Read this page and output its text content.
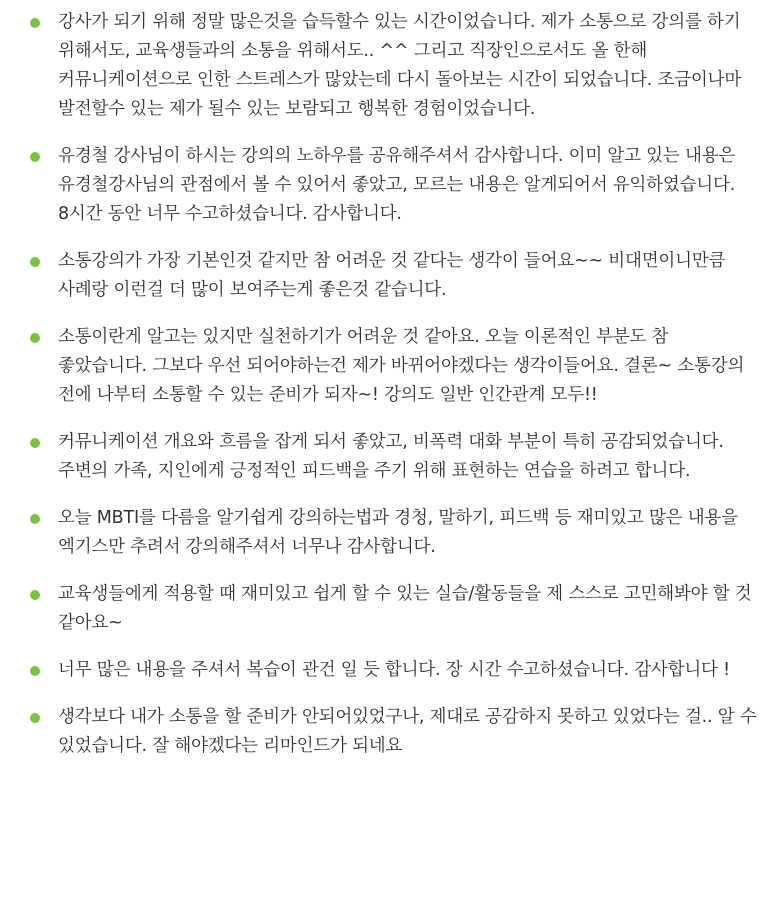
강사가 되기 위해 정말 많은것을 습득할수 있는 시간이었습니다. 제가 소통으로 강의를 하기 위해서도, 교육생들과의 소통을 위해서도.. ^^ 그리고 직장인으로서도 올 한해 커뮤니케이션으로 인한 스트레스가 많았는데 다시 돌아보는 시간이 되었습니다. 조금이나마 발전할수 있는 제가 될수 있는 보람되고 행복한 경험이었습니다.
유경철 강사님이 하시는 강의의 노하우를 공유해주셔서 감사합니다. 이미 알고 있는 내용은 유경철강사님의 관점에서 볼 수 있어서 좋았고, 모르는 내용은 알게되어서 유익하였습니다. 8시간 동안 너무 수고하셨습니다. 감사합니다.
소통강의가 가장 기본인것 같지만 참 어려운 것 같다는 생각이 들어요~~ 비대면이니만큼 사례랑 이런걸 더 많이 보여주는게 좋은것 같습니다.
소통이란게 알고는 있지만 실천하기가 어려운 것 같아요. 오늘 이론적인 부분도 참 좋았습니다. 그보다 우선 되어야하는건 제가 바뀌어야겠다는 생각이들어요. 결론~ 소통강의 전에 나부터 소통할 수 있는 준비가 되자~! 강의도 일반 인간관계 모두!!
커뮤니케이션 개요와 흐름을 잡게 되서 좋았고, 비폭력 대화 부분이 특히 공감되었습니다. 주변의 가족, 지인에게 긍정적인 피드백을 주기 위해 표현하는 연습을 하려고 합니다.
오늘 MBTI를 다름을 알기쉽게 강의하는법과 경청, 말하기, 피드백 등 재미있고 많은 내용을 엑기스만 추려서 강의해주셔서 너무나 감사합니다.
교육생들에게 적용할 때 재미있고 쉽게 할 수 있는 실습/활동들을 제 스스로 고민해봐야 할 것 같아요~
너무 많은 내용을 주셔서 복습이 관건 일 듯 합니다. 장 시간 수고하셨습니다. 감사합니다 !
생각보다 내가 소통을 할 준비가 안되어있었구나, 제대로 공감하지 못하고 있었다는 걸.. 알 수 있었습니다. 잘 해야겠다는 리마인드가 되네요
